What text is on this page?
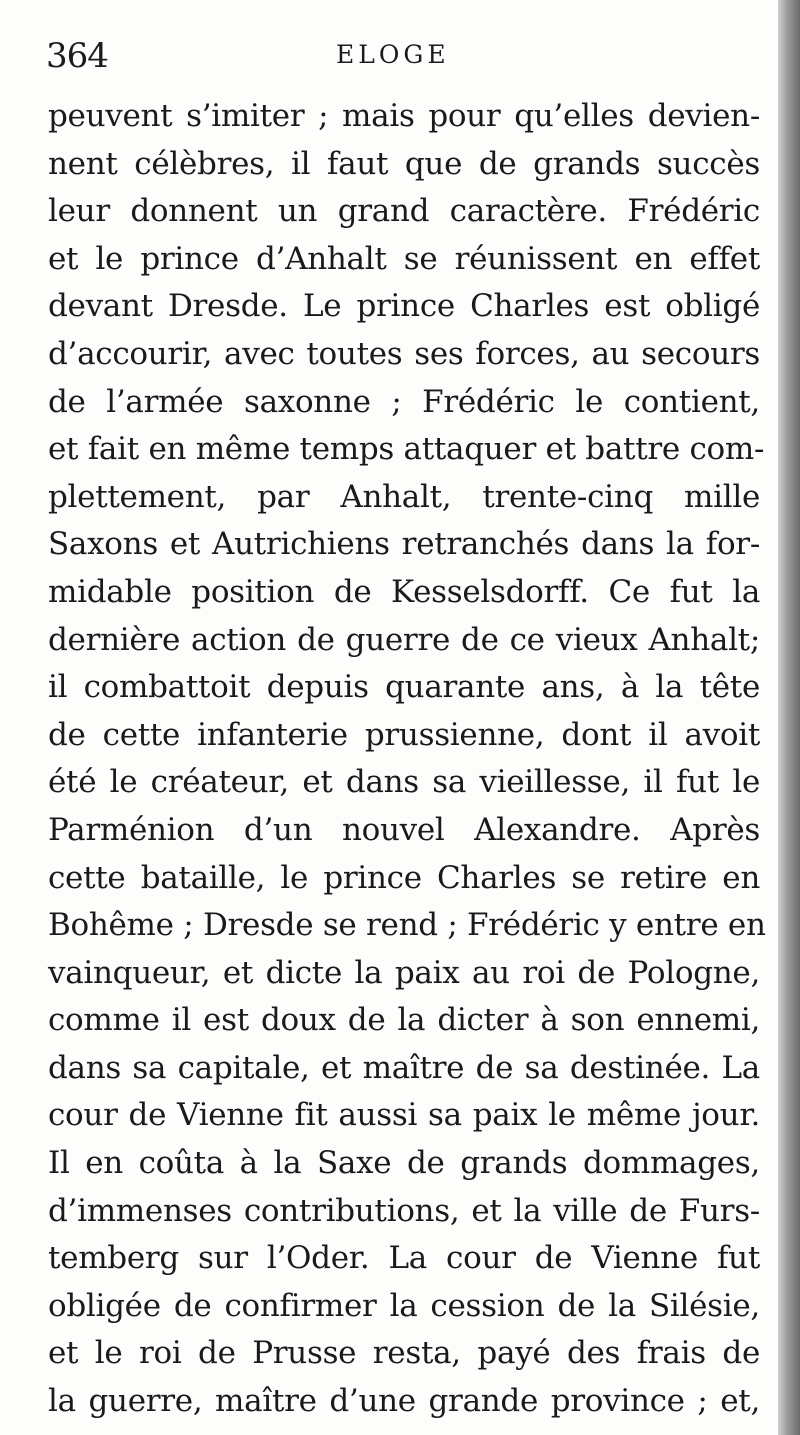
364	ELOGE
peuvent s’imiter ; mais pour qu’elles devien-
nent célèbres, il faut que de grands succès
leur donnent un grand caractère. Frédéric
et le prince d’Anhalt se réunissent en effet
devant Dresde. Le prince Charles est obligé
d’accourir, avec toutes ses forces, au secours
de l’armée saxonne ; Frédéric le contient,
et fait en même temps attaquer et battre com-
plettement, par Anhalt, trente-cinq mille
Saxons et Autrichiens retranchés dans la for-
midable position de Kesselsdorff. Ce fut la
dernière action de guerre de ce vieux Anhalt;
il combattoit depuis quarante ans, à la tête
de cette infanterie prussienne, dont il avoit
été le créateur, et dans sa vieillesse, il fut le
Parménion d’un nouvel Alexandre. Après
cette bataille, le prince Charles se retire en
Bohême ; Dresde se rend ; Frédéric y entre en
vainqueur, et dicte la paix au roi de Pologne,
comme il est doux de la dicter à son ennemi,
dans sa capitale, et maître de sa destinée. La
cour de Vienne fit aussi sa paix le même jour.
Il en coûta à la Saxe de grands dommages,
d’immenses contributions, et la ville de Furs-
temberg sur l’Oder. La cour de Vienne fut
obligée de confirmer la cession de la Silésie,
et le roi de Prusse resta, payé des frais de
la guerre, maître d’une grande province ; et,
